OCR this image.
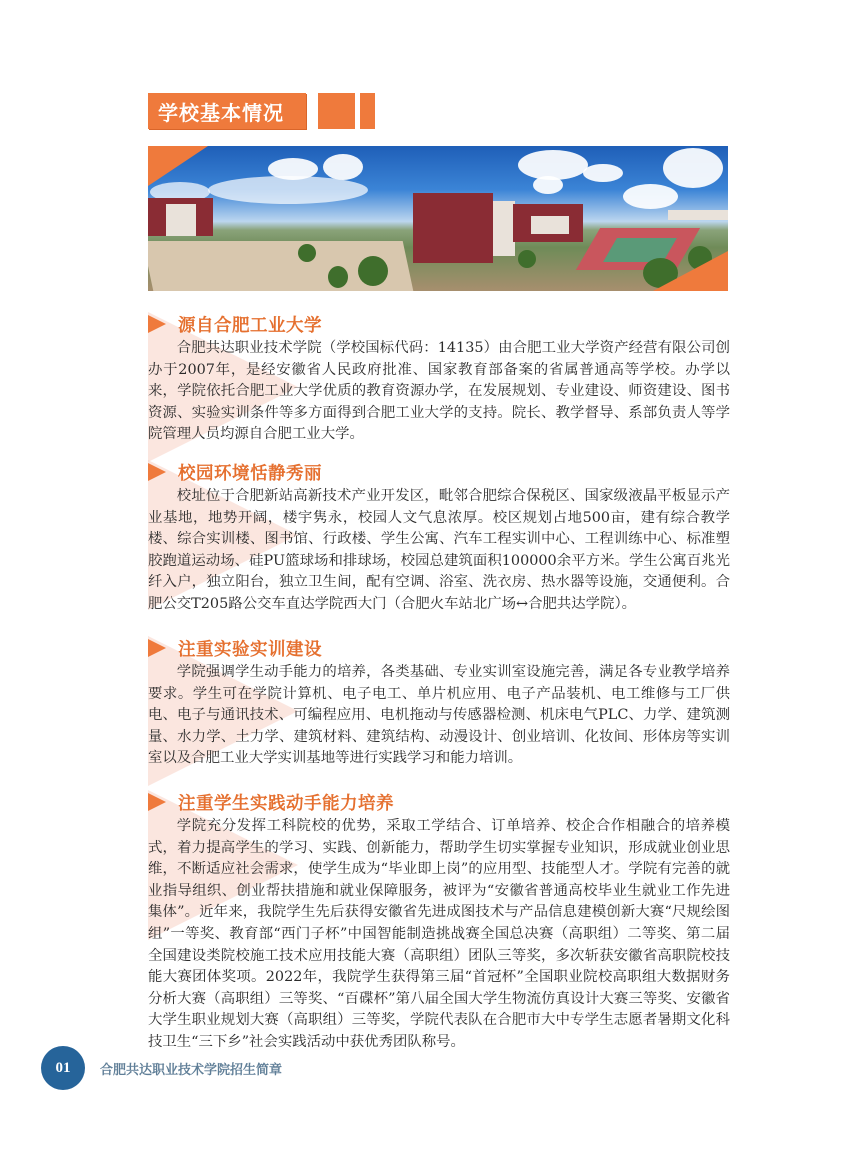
学校基本情况
源自合肥工业大学

合肥共达职业技术学院（学校国标代码：14135）由合肥工业大学资产经营有限公司创办于2007年，是经安徽省人民政府批准、国家教育部备案的省属普通高等学校。办学以来，学院依托合肥工业大学优质的教育资源办学，在发展规划、专业建设、师资建设、图书资源、实验实训条件等多方面得到合肥工业大学的支持。院长、教学督导、系部负责人等学院管理人员均源自合肥工业大学。

校园环境恬静秀丽

校址位于合肥新站高新技术产业开发区，毗邻合肥综合保税区、国家级液晶平板显示产业基地，地势开阔，楼宇隽永，校园人文气息浓厚。校区规划占地500亩，建有综合教学楼、综合实训楼、图书馆、行政楼、学生公寓、汽车工程实训中心、工程训练中心、标准塑胶跑道运动场、硅PU篮球场和排球场，校园总建筑面积100000余平方米。学生公寓百兆光纤入户，独立阳台，独立卫生间，配有空调、浴室、洗衣房、热水器等设施，交通便利。合肥公交T205路公交车直达学院西大门（合肥火车站北广场↔合肥共达学院）。

注重实验实训建设

学院强调学生动手能力的培养，各类基础、专业实训室设施完善，满足各专业教学培养要求。学生可在学院计算机、电子电工、单片机应用、电子产品装机、电工维修与工厂供电、电子与通讯技术、可编程应用、电机拖动与传感器检测、机床电气PLC、力学、建筑测量、水力学、土力学、建筑材料、建筑结构、动漫设计、创业培训、化妆间、形体房等实训室以及合肥工业大学实训基地等进行实践学习和能力培训。

注重学生实践动手能力培养

学院充分发挥工科院校的优势，采取工学结合、订单培养、校企合作相融合的培养模式，着力提高学生的学习、实践、创新能力，帮助学生切实掌握专业知识，形成就业创业思维，不断适应社会需求，使学生成为“毕业即上岗”的应用型、技能型人才。学院有完善的就业指导组织、创业帮扶措施和就业保障服务，被评为“安徽省普通高校毕业生就业工作先进集体”。近年来，我院学生先后获得安徽省先进成图技术与产品信息建模创新大赛“尺规绘图组”一等奖、教育部“西门子杯”中国智能制造挑战赛全国总决赛（高职组）二等奖、第二届全国建设类院校施工技术应用技能大赛（高职组）团队三等奖，多次斩获安徽省高职院校技能大赛团体奖项。2022年，我院学生获得第三届“首冠杯”全国职业院校高职组大数据财务分析大赛（高职组）三等奖、“百碟杯”第八届全国大学生物流仿真设计大赛三等奖、安徽省大学生职业规划大赛（高职组）三等奖，学院代表队在合肥市大中专学生志愿者暑期文化科技卫生“三下乡”社会实践活动中获优秀团队称号。

01	合肥共达职业技术学院招生简章
